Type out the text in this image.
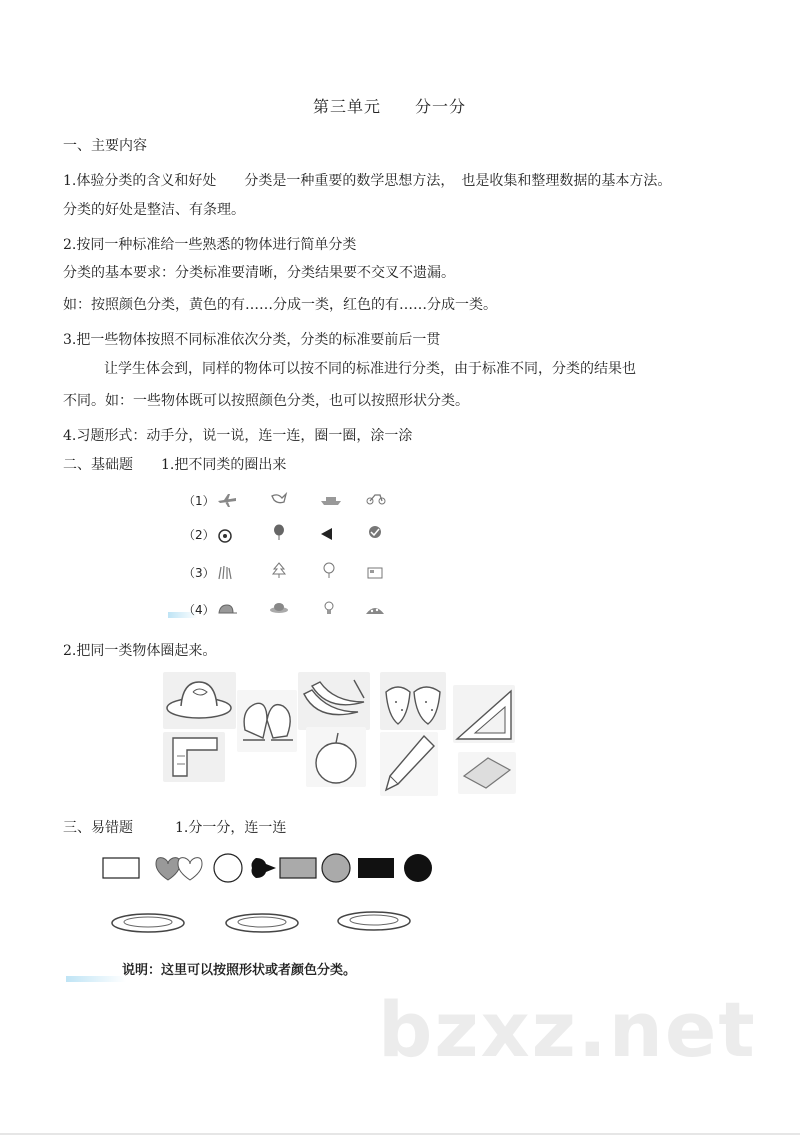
第三单元　　分一分
一、主要内容
1.体验分类的含义和好处　　分类是一种重要的数学思想方法，　也是收集和整理数据的基本方法。
分类的好处是整洁、有条理。
2.按同一种标准给一些熟悉的物体进行简单分类
分类的基本要求：分类标准要清晰，分类结果要不交叉不遗漏。
如：按照颜色分类，黄色的有……分成一类，红色的有……分成一类。
3.把一些物体按照不同标准依次分类，分类的标准要前后一贯
让学生体会到，同样的物体可以按不同的标准进行分类，由于标准不同，分类的结果也
不同。如：一些物体既可以按照颜色分类，也可以按照形状分类。
4.习题形式：动手分，说一说，连一连，圈一圈，涂一涂
二、基础题　　1.把不同类的圈出来
（1）
（2）
（3）
（4）
2.把同一类物体圈起来。
三、易错题　　　1.分一分，连一连
说明：这里可以按照形状或者颜色分类。
bzxz.net
